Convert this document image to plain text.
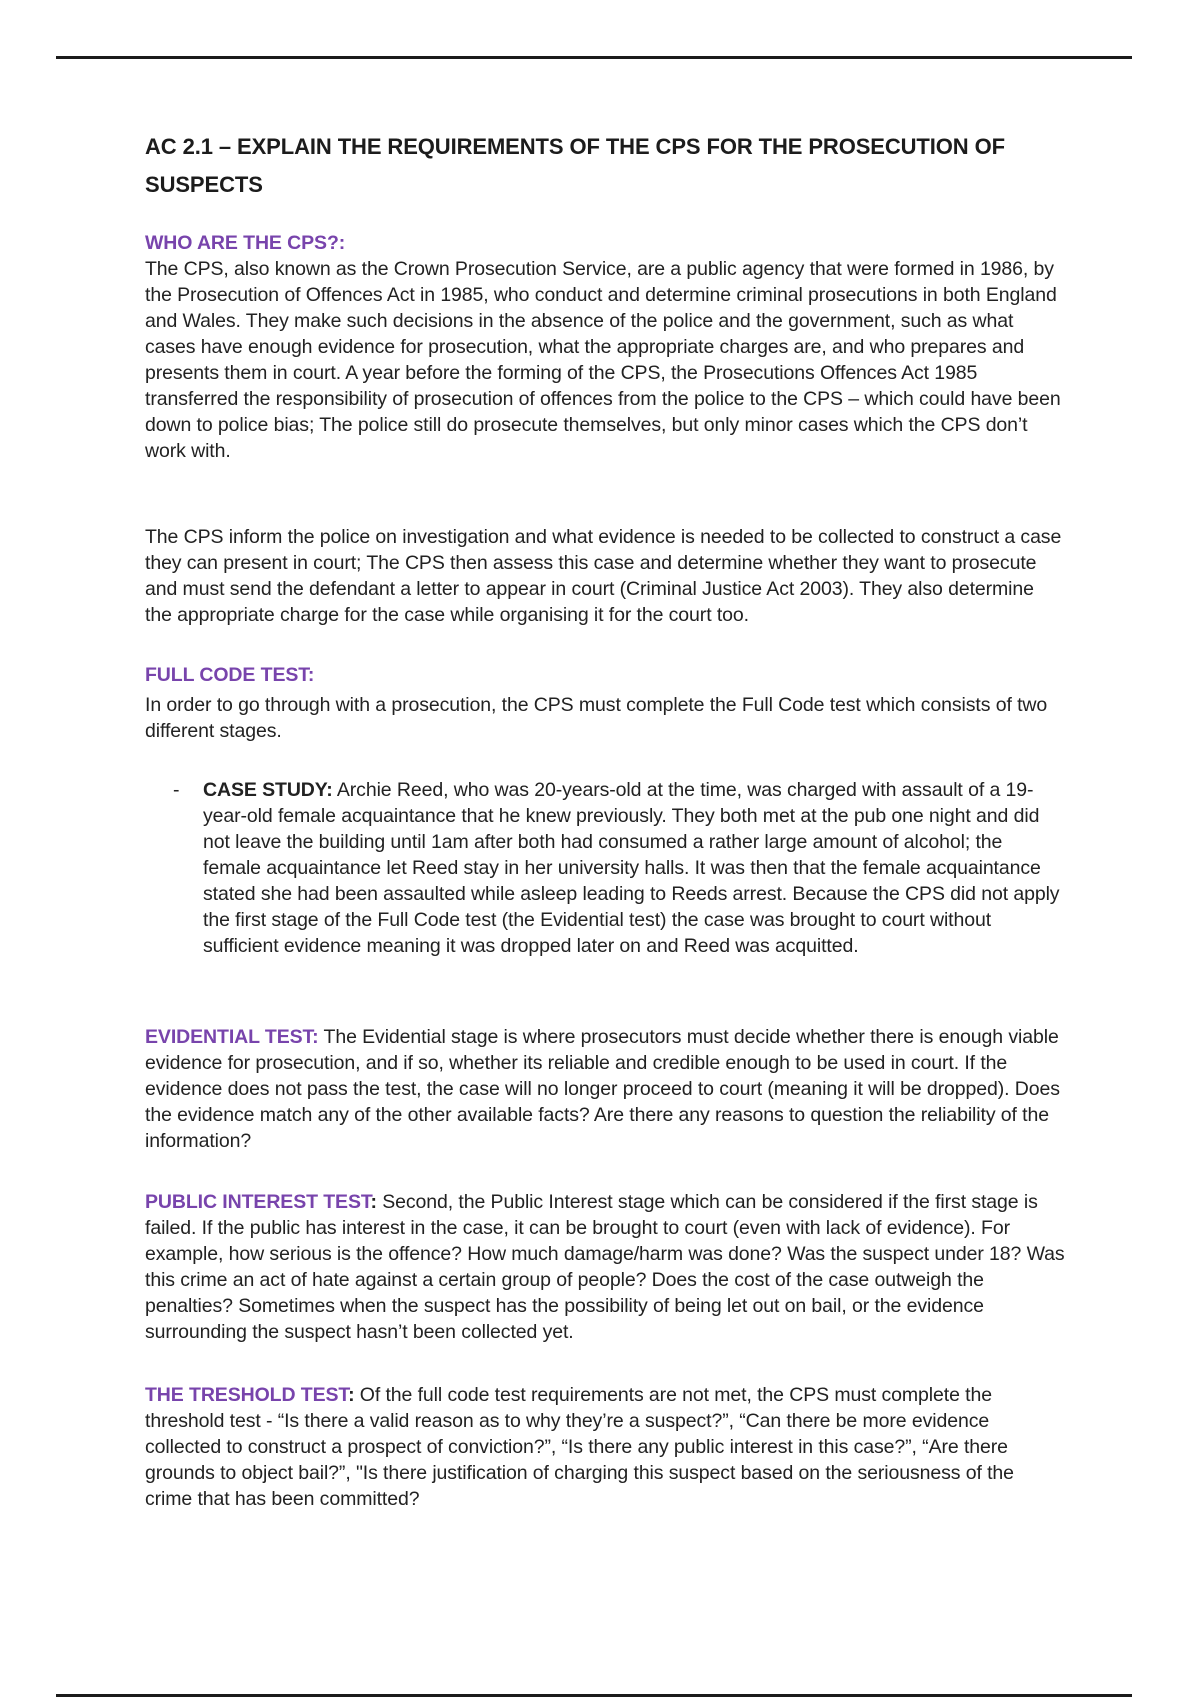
AC 2.1 – EXPLAIN THE REQUIREMENTS OF THE CPS FOR THE PROSECUTION OF SUSPECTS
WHO ARE THE CPS?:

The CPS, also known as the Crown Prosecution Service, are a public agency that were formed in 1986, by the Prosecution of Offences Act in 1985, who conduct and determine criminal prosecutions in both England and Wales. They make such decisions in the absence of the police and the government, such as what cases have enough evidence for prosecution, what the appropriate charges are, and who prepares and presents them in court. A year before the forming of the CPS, the Prosecutions Offences Act 1985 transferred the responsibility of prosecution of offences from the police to the CPS – which could have been down to police bias; The police still do prosecute themselves, but only minor cases which the CPS don’t work with.

The CPS inform the police on investigation and what evidence is needed to be collected to construct a case they can present in court; The CPS then assess this case and determine whether they want to prosecute and must send the defendant a letter to appear in court (Criminal Justice Act 2003). They also determine the appropriate charge for the case while organising it for the court too.

FULL CODE TEST:

In order to go through with a prosecution, the CPS must complete the Full Code test which consists of two different stages.

-	CASE STUDY: Archie Reed, who was 20-years-old at the time, was charged with assault of a 19-year-old female acquaintance that he knew previously. They both met at the pub one night and did not leave the building until 1am after both had consumed a rather large amount of alcohol; the female acquaintance let Reed stay in her university halls. It was then that the female acquaintance stated she had been assaulted while asleep leading to Reeds arrest. Because the CPS did not apply the first stage of the Full Code test (the Evidential test) the case was brought to court without sufficient evidence meaning it was dropped later on and Reed was acquitted.

EVIDENTIAL TEST: The Evidential stage is where prosecutors must decide whether there is enough viable evidence for prosecution, and if so, whether its reliable and credible enough to be used in court. If the evidence does not pass the test, the case will no longer proceed to court (meaning it will be dropped). Does the evidence match any of the other available facts? Are there any reasons to question the reliability of the information?

PUBLIC INTEREST TEST: Second, the Public Interest stage which can be considered if the first stage is failed. If the public has interest in the case, it can be brought to court (even with lack of evidence). For example, how serious is the offence? How much damage/harm was done? Was the suspect under 18? Was this crime an act of hate against a certain group of people? Does the cost of the case outweigh the penalties? Sometimes when the suspect has the possibility of being let out on bail, or the evidence surrounding the suspect hasn’t been collected yet.

THE TRESHOLD TEST: Of the full code test requirements are not met, the CPS must complete the threshold test - “Is there a valid reason as to why they’re a suspect?”, “Can there be more evidence collected to construct a prospect of conviction?”, “Is there any public interest in this case?”, “Are there grounds to object bail?”, "Is there justification of charging this suspect based on the seriousness of the crime that has been committed?
